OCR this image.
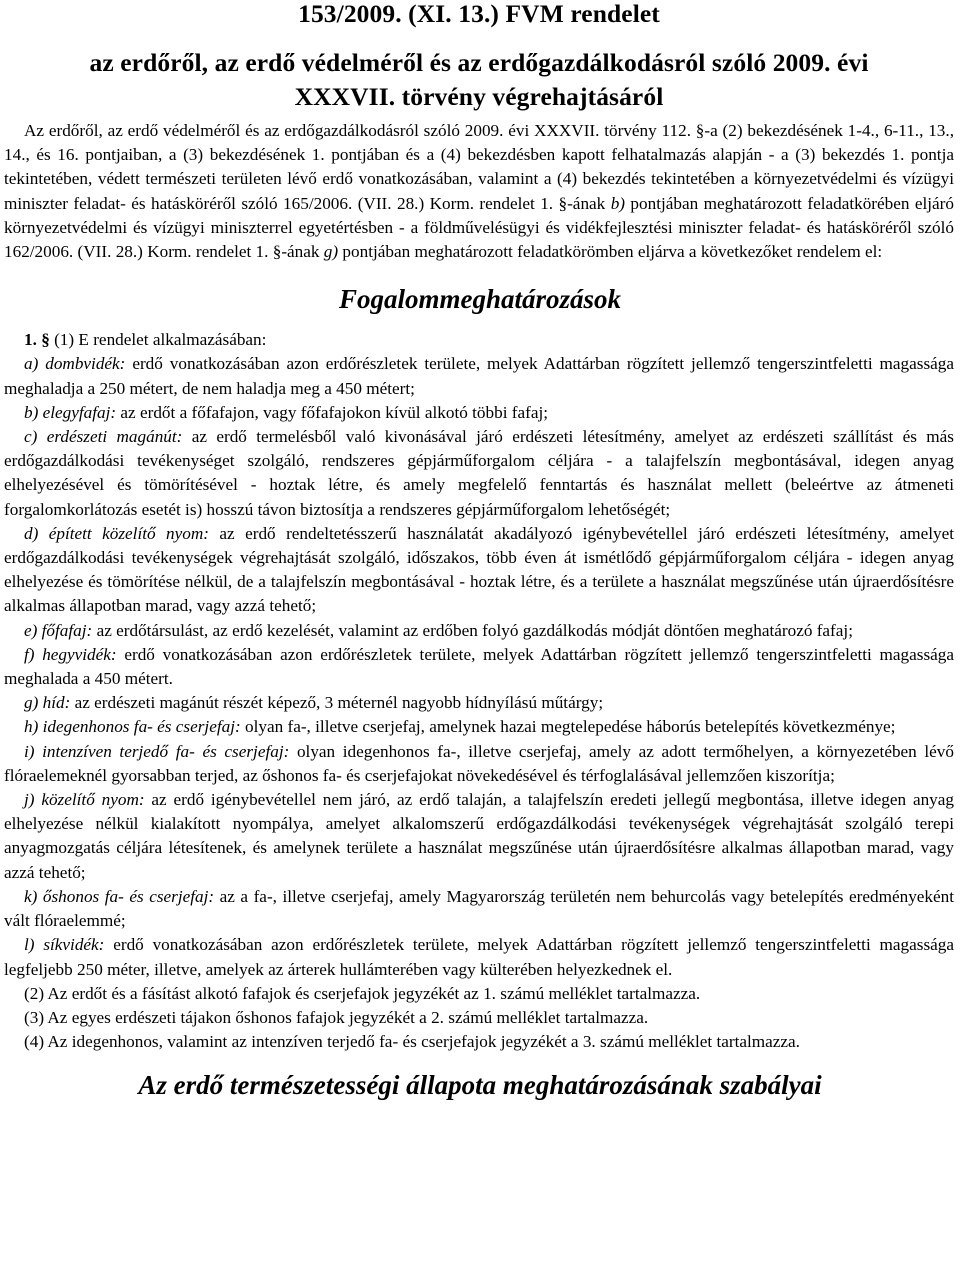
153/2009. (XI. 13.) FVM rendelet
az erdőről, az erdő védelméről és az erdőgazdálkodásról szóló 2009. évi
XXXVII. törvény végrehajtásáról

Az erdőről, az erdő védelméről és az erdőgazdálkodásról szóló 2009. évi XXXVII. törvény 112. §-a (2) bekezdésének 1-4., 6-11., 13., 14., és 16. pontjaiban, a (3) bekezdésének 1. pontjában és a (4) bekezdésben kapott felhatalmazás alapján - a (3) bekezdés 1. pontja tekintetében, védett természeti területen lévő erdő vonatkozásában, valamint a (4) bekezdés tekintetében a környezetvédelmi és vízügyi miniszter feladat- és hatásköréről szóló 165/2006. (VII. 28.) Korm. rendelet 1. §-ának b) pontjában meghatározott feladatkörében eljáró környezetvédelmi és vízügyi miniszterrel egyetértésben - a földművelésügyi és vidékfejlesztési miniszter feladat- és hatásköréről szóló 162/2006. (VII. 28.) Korm. rendelet 1. §-ának g) pontjában meghatározott feladatkörömben eljárva a következőket rendelem el:

Fogalommeghatározások

1. § (1) E rendelet alkalmazásában:

a) dombvidék: erdő vonatkozásában azon erdőrészletek területe, melyek Adattárban rögzített jellemző tengerszintfeletti magassága meghaladja a 250 métert, de nem haladja meg a 450 métert;

b) elegyfafaj: az erdőt a főfafajon, vagy főfafajokon kívül alkotó többi fafaj;

c) erdészeti magánút: az erdő termelésből való kivonásával járó erdészeti létesítmény, amelyet az erdészeti szállítást és más erdőgazdálkodási tevékenységet szolgáló, rendszeres gépjárműforgalom céljára - a talajfelszín megbontásával, idegen anyag elhelyezésével és tömörítésével - hoztak létre, és amely megfelelő fenntartás és használat mellett (beleértve az átmeneti forgalomkorlátozás esetét is) hosszú távon biztosítja a rendszeres gépjárműforgalom lehetőségét;

d) épített közelítő nyom: az erdő rendeltetésszerű használatát akadályozó igénybevétellel járó erdészeti létesítmény, amelyet erdőgazdálkodási tevékenységek végrehajtását szolgáló, időszakos, több éven át ismétlődő gépjárműforgalom céljára - idegen anyag elhelyezése és tömörítése nélkül, de a talajfelszín megbontásával - hoztak létre, és a területe a használat megszűnése után újraerdősítésre alkalmas állapotban marad, vagy azzá tehető;

e) főfafaj: az erdőtársulást, az erdő kezelését, valamint az erdőben folyó gazdálkodás módját döntően meghatározó fafaj;

f) hegyvidék: erdő vonatkozásában azon erdőrészletek területe, melyek Adattárban rögzített jellemző tengerszintfeletti magassága meghalada a 450 métert.

g) híd: az erdészeti magánút részét képező, 3 méternél nagyobb hídnyílású műtárgy;

h) idegenhonos fa- és cserjefaj: olyan fa-, illetve cserjefaj, amelynek hazai megtelepedése háborús betelepítés következménye;

i) intenzíven terjedő fa- és cserjefaj: olyan idegenhonos fa-, illetve cserjefaj, amely az adott termőhelyen, a környezetében lévő flóraelemeknél gyorsabban terjed, az őshonos fa- és cserjefajokat növekedésével és térfoglalásával jellemzően kiszorítja;

j) közelítő nyom: az erdő igénybevétellel nem járó, az erdő talaján, a talajfelszín eredeti jellegű megbontása, illetve idegen anyag elhelyezése nélkül kialakított nyompálya, amelyet alkalomszerű erdőgazdálkodási tevékenységek végrehajtását szolgáló terepi anyagmozgatás céljára létesítenek, és amelynek területe a használat megszűnése után újraerdősítésre alkalmas állapotban marad, vagy azzá tehető;

k) őshonos fa- és cserjefaj: az a fa-, illetve cserjefaj, amely Magyarország területén nem behurcolás vagy betelepítés eredményeként vált flóraelemmé;

l) síkvidék: erdő vonatkozásában azon erdőrészletek területe, melyek Adattárban rögzített jellemző tengerszintfeletti magassága legfeljebb 250 méter, illetve, amelyek az árterek hullámterében vagy külterében helyezkednek el.

(2) Az erdőt és a fásítást alkotó fafajok és cserjefajok jegyzékét az 1. számú melléklet tartalmazza.

(3) Az egyes erdészeti tájakon őshonos fafajok jegyzékét a 2. számú melléklet tartalmazza.

(4) Az idegenhonos, valamint az intenzíven terjedő fa- és cserjefajok jegyzékét a 3. számú melléklet tartalmazza.

Az erdő természetességi állapota meghatározásának szabályai
